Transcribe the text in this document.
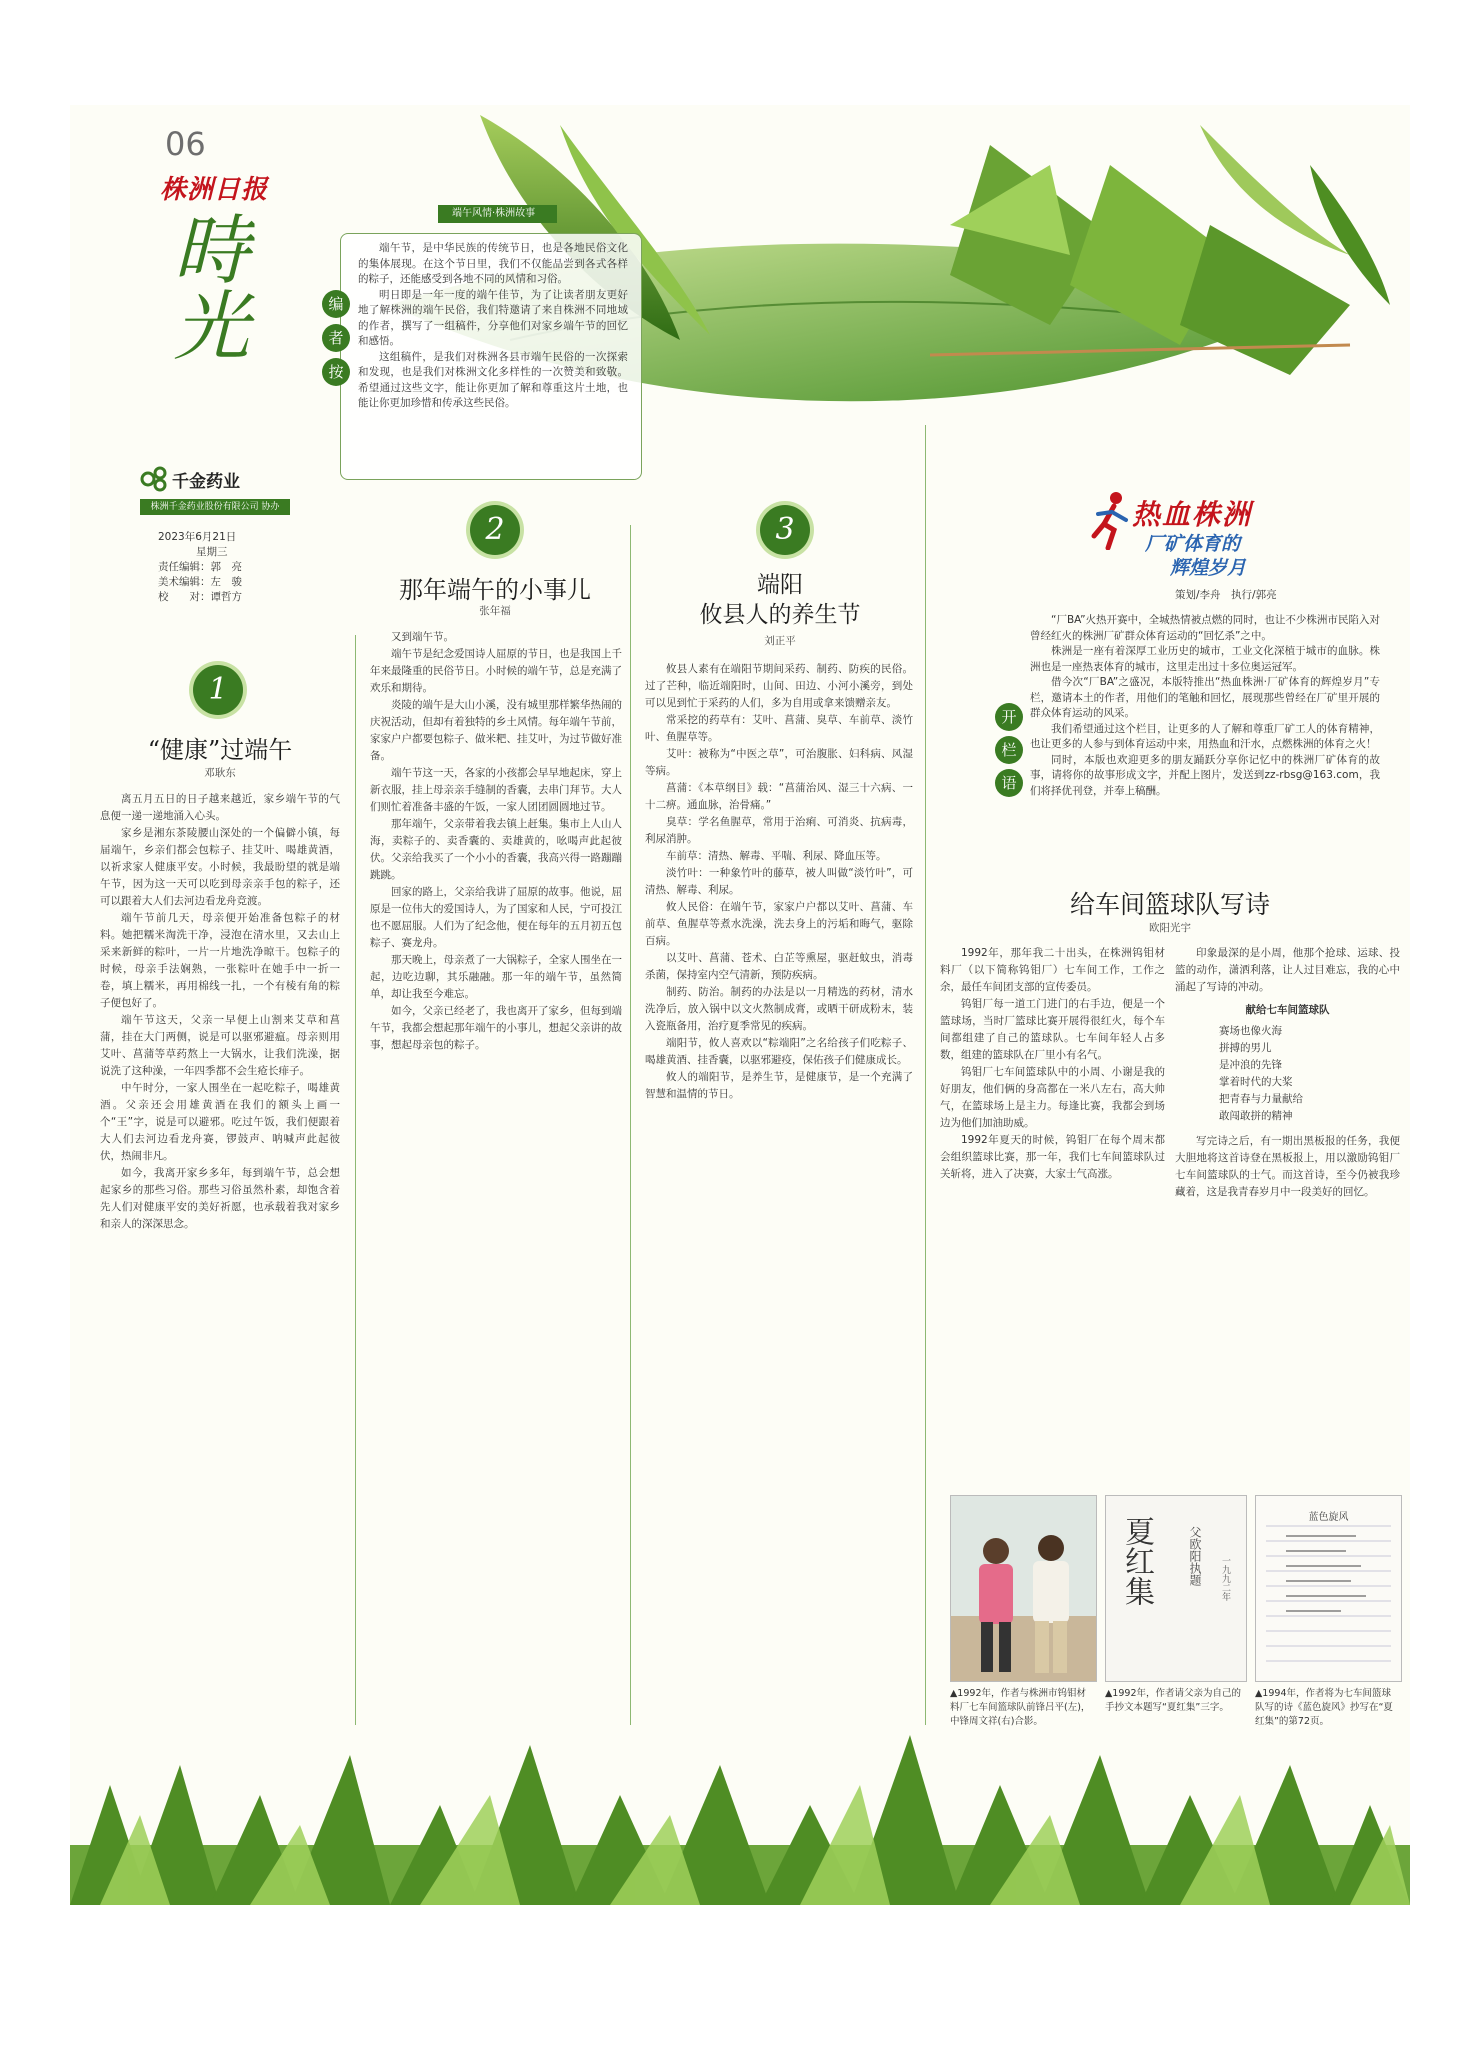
06
株洲日报
時光
千金药业
株洲千金药业股份有限公司 协办
2023年6月21日
星期三
责任编辑：郭　亮
美术编辑：左　骏
校　　对：谭哲方
端午风情·株洲故事
编
者
按

端午节，是中华民族的传统节日，也是各地民俗文化的集体展现。在这个节日里，我们不仅能品尝到各式各样的粽子，还能感受到各地不同的风情和习俗。

明日即是一年一度的端午佳节，为了让读者朋友更好地了解株洲的端午民俗，我们特邀请了来自株洲不同地域的作者，撰写了一组稿件，分享他们对家乡端午节的回忆和感悟。

这组稿件，是我们对株洲各县市端午民俗的一次探索和发现，也是我们对株洲文化多样性的一次赞美和致敬。希望通过这些文字，能让你更加了解和尊重这片土地，也能让你更加珍惜和传承这些民俗。

1
“健康”过端午
邓耿东

离五月五日的日子越来越近，家乡端午节的气息便一递一递地涌入心头。

家乡是湘东茶陵腰山深处的一个偏僻小镇，每届端午，乡亲们都会包粽子、挂艾叶、喝雄黄酒，以祈求家人健康平安。小时候，我最盼望的就是端午节，因为这一天可以吃到母亲亲手包的粽子，还可以跟着大人们去河边看龙舟竞渡。

端午节前几天，母亲便开始准备包粽子的材料。她把糯米淘洗干净，浸泡在清水里，又去山上采来新鲜的粽叶，一片一片地洗净晾干。包粽子的时候，母亲手法娴熟，一张粽叶在她手中一折一卷，填上糯米，再用棉线一扎，一个有棱有角的粽子便包好了。

端午节这天，父亲一早便上山割来艾草和菖蒲，挂在大门两侧，说是可以驱邪避瘟。母亲则用艾叶、菖蒲等草药熬上一大锅水，让我们洗澡，据说洗了这种澡，一年四季都不会生疮长痱子。

中午时分，一家人围坐在一起吃粽子，喝雄黄酒。父亲还会用雄黄酒在我们的额头上画一个“王”字，说是可以避邪。吃过午饭，我们便跟着大人们去河边看龙舟赛，锣鼓声、呐喊声此起彼伏，热闹非凡。

如今，我离开家乡多年，每到端午节，总会想起家乡的那些习俗。那些习俗虽然朴素，却饱含着先人们对健康平安的美好祈愿，也承载着我对家乡和亲人的深深思念。

2
那年端午的小事儿
张年福

又到端午节。

端午节是纪念爱国诗人屈原的节日，也是我国上千年来最隆重的民俗节日。小时候的端午节，总是充满了欢乐和期待。

炎陵的端午是大山小溪，没有城里那样繁华热闹的庆祝活动，但却有着独特的乡土风情。每年端午节前，家家户户都要包粽子、做米粑、挂艾叶，为过节做好准备。

端午节这一天，各家的小孩都会早早地起床，穿上新衣服，挂上母亲亲手缝制的香囊，去串门拜节。大人们则忙着准备丰盛的午饭，一家人团团圆圆地过节。

那年端午，父亲带着我去镇上赶集。集市上人山人海，卖粽子的、卖香囊的、卖雄黄的，吆喝声此起彼伏。父亲给我买了一个小小的香囊，我高兴得一路蹦蹦跳跳。

回家的路上，父亲给我讲了屈原的故事。他说，屈原是一位伟大的爱国诗人，为了国家和人民，宁可投江也不愿屈服。人们为了纪念他，便在每年的五月初五包粽子、赛龙舟。

那天晚上，母亲煮了一大锅粽子，全家人围坐在一起，边吃边聊，其乐融融。那一年的端午节，虽然简单，却让我至今难忘。

如今，父亲已经老了，我也离开了家乡，但每到端午节，我都会想起那年端午的小事儿，想起父亲讲的故事，想起母亲包的粽子。

3
端阳
攸县人的养生节
刘正平

攸县人素有在端阳节期间采药、制药、防疾的民俗。过了芒种，临近端阳时，山间、田边、小河小溪旁，到处可以见到忙于采药的人们，多为自用或拿来馈赠亲友。

常采挖的药草有：艾叶、菖蒲、臭草、车前草、淡竹叶、鱼腥草等。

艾叶：被称为“中医之草”，可治腹胀、妇科病、风湿等病。

菖蒲：《本草纲目》载：“菖蒲治风、湿三十六病、一十二痹。通血脉，治骨痛。”

臭草：学名鱼腥草，常用于治痢、可消炎、抗病毒，利尿消肿。

车前草：清热、解毒、平喘、利尿、降血压等。

淡竹叶：一种象竹叶的藤草，被人叫做“淡竹叶”，可清热、解毒、利尿。

攸人民俗：在端午节，家家户户都以艾叶、菖蒲、车前草、鱼腥草等煮水洗澡，洗去身上的污垢和晦气，驱除百病。

以艾叶、菖蒲、苍术、白芷等熏屋，驱赶蚊虫，消毒杀菌，保持室内空气清新，预防疾病。

制药、防治。制药的办法是以一月精选的药材，清水洗净后，放入锅中以文火熬制成膏，或晒干研成粉末，装入瓷瓶备用，治疗夏季常见的疾病。

端阳节，攸人喜欢以“粽端阳”之名给孩子们吃粽子、喝雄黄酒、挂香囊，以驱邪避疫，保佑孩子们健康成长。

攸人的端阳节，是养生节，是健康节，是一个充满了智慧和温情的节日。

热血株洲
厂矿体育的
辉煌岁月
策划/李舟　执行/郭亮
开
栏
语

“厂BA”火热开赛中，全城热情被点燃的同时，也让不少株洲市民陷入对曾经红火的株洲厂矿群众体育运动的“回忆杀”之中。

株洲是一座有着深厚工业历史的城市，工业文化深植于城市的血脉。株洲也是一座热衷体育的城市，这里走出过十多位奥运冠军。

借今次“厂BA”之盛况，本版特推出“热血株洲·厂矿体育的辉煌岁月”专栏，邀请本土的作者，用他们的笔触和回忆，展现那些曾经在厂矿里开展的群众体育运动的风采。

我们希望通过这个栏目，让更多的人了解和尊重厂矿工人的体育精神，也让更多的人参与到体育运动中来，用热血和汗水，点燃株洲的体育之火！

同时，本版也欢迎更多的朋友踊跃分享你记忆中的株洲厂矿体育的故事，请将你的故事形成文字，并配上图片，发送到zz-rbsg@163.com，我们将择优刊登，并奉上稿酬。

给车间篮球队写诗
欧阳光宇

1992年，那年我二十出头，在株洲钨钼材料厂（以下简称钨钼厂）七车间工作，工作之余，最任车间团支部的宣传委员。

钨钼厂每一道工门进门的右手边，便是一个篮球场，当时厂篮球比赛开展得很红火，每个车间都组建了自己的篮球队。七车间年轻人占多数，组建的篮球队在厂里小有名气。

钨钼厂七车间篮球队中的小周、小谢是我的好朋友，他们俩的身高都在一米八左右，高大帅气，在篮球场上是主力。每逢比赛，我都会到场边为他们加油助威。

1992年夏天的时候，钨钼厂在每个周末都会组织篮球比赛，那一年，我们七车间篮球队过关斩将，进入了决赛，大家士气高涨。

印象最深的是小周，他那个抢球、运球、投篮的动作，潇洒利落，让人过目难忘，我的心中涌起了写诗的冲动。

献给七车间篮球队

赛场也像火海
拼搏的男儿
是冲浪的先锋
掌着时代的大桨
把青春与力量献给
敢闯敢拼的精神

写完诗之后，有一期出黑板报的任务，我便大胆地将这首诗登在黑板报上，用以激励钨钼厂七车间篮球队的士气。而这首诗，至今仍被我珍藏着，这是我青春岁月中一段美好的回忆。

夏红集	父欧阳执题 一九九二年
蓝色旋风
▲1992年，作者与株洲市钨钼材料厂七车间篮球队前锋吕平(左)，中锋周文祥(右)合影。
▲1992年，作者请父亲为自己的手抄文本题写“夏红集”三字。
▲1994年，作者将为七车间篮球队写的诗《蓝色旋风》抄写在“夏红集”的第72页。
